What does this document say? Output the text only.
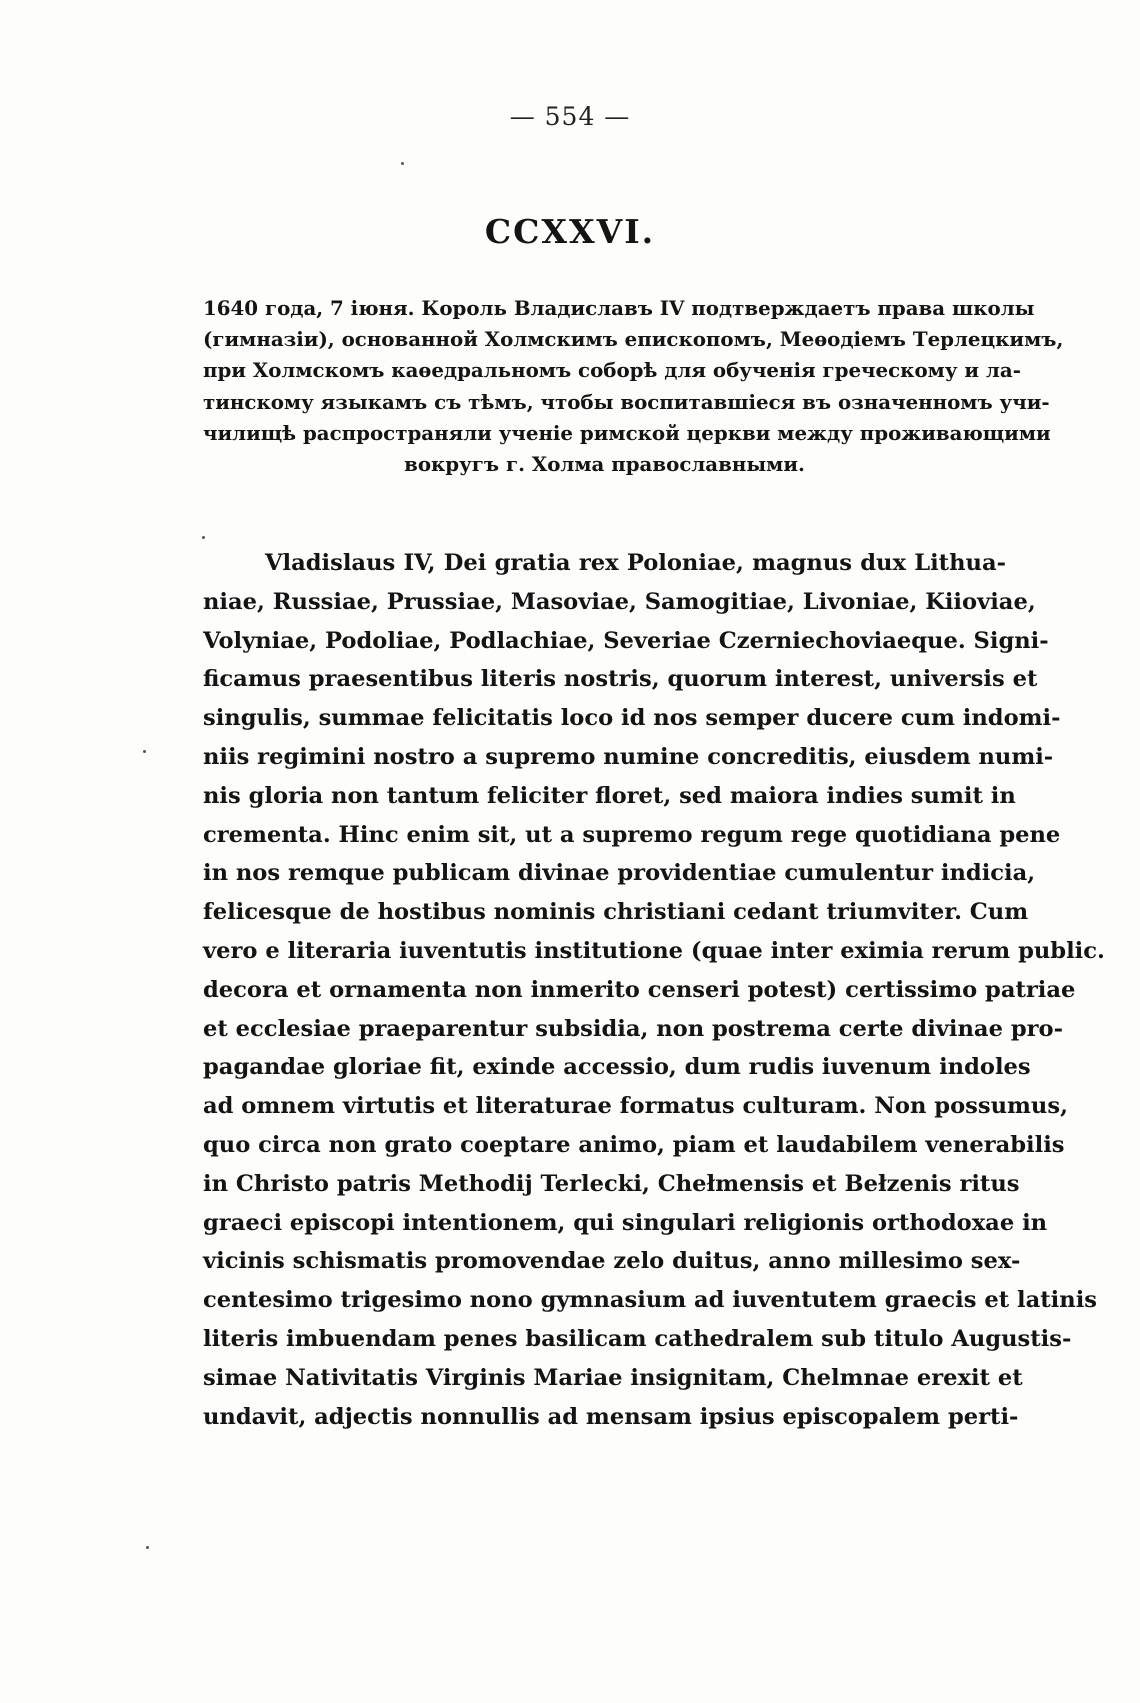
— 554 —
CCXXVI.
1640 года, 7 іюня. Король Владиславъ IV подтверждаетъ права школы
(гимназіи), основанной Холмскимъ епископомъ, Меѳодіемъ Терлецкимъ,
при Холмскомъ каѳедральномъ соборѣ для обученія греческому и ла-
тинскому языкамъ съ тѣмъ, чтобы воспитавшіеся въ означенномъ учи-
чилищѣ распространяли ученіе римской церкви между проживающими
вокругъ г. Холма православными.
Vladislaus IV, Dei gratia rex Poloniae, magnus dux Lithua-
niae, Russiae, Prussiae, Masoviae, Samogitiae, Livoniae, Kiioviae,
Volyniae, Podoliae, Podlachiae, Severiae Czerniechoviaeque. Signi-
ficamus praesentibus literis nostris, quorum interest, universis et
singulis, summae felicitatis loco id nos semper ducere cum indomi-
niis regimini nostro a supremo numine concreditis, eiusdem numi-
nis gloria non tantum feliciter floret, sed maiora indies sumit in
crementa. Hinc enim sit, ut a supremo regum rege quotidiana pene
in nos remque publicam divinae providentiae cumulentur indicia,
felicesque de hostibus nominis christiani cedant triumviter. Cum
vero e literaria iuventutis institutione (quae inter eximia rerum public.
decora et ornamenta non inmerito censeri potest) certissimo patriae
et ecclesiae praeparentur subsidia, non postrema certe divinae pro-
pagandae gloriae fit, exinde accessio, dum rudis iuvenum indoles
ad omnem virtutis et literaturae formatus culturam. Non possumus,
quo circa non grato coeptare animo, piam et laudabilem venerabilis
in Christo patris Methodij Terlecki, Chełmensis et Bełzenis ritus
graeci episcopi intentionem, qui singulari religionis orthodoxae in
vicinis schismatis promovendae zelo duitus, anno millesimo sex-
centesimo trigesimo nono gymnasium ad iuventutem graecis et latinis
literis imbuendam penes basilicam cathedralem sub titulo Augustis-
simae Nativitatis Virginis Mariae insignitam, Chelmnae erexit et
undavit, adjectis nonnullis ad mensam ipsius episcopalem perti-
